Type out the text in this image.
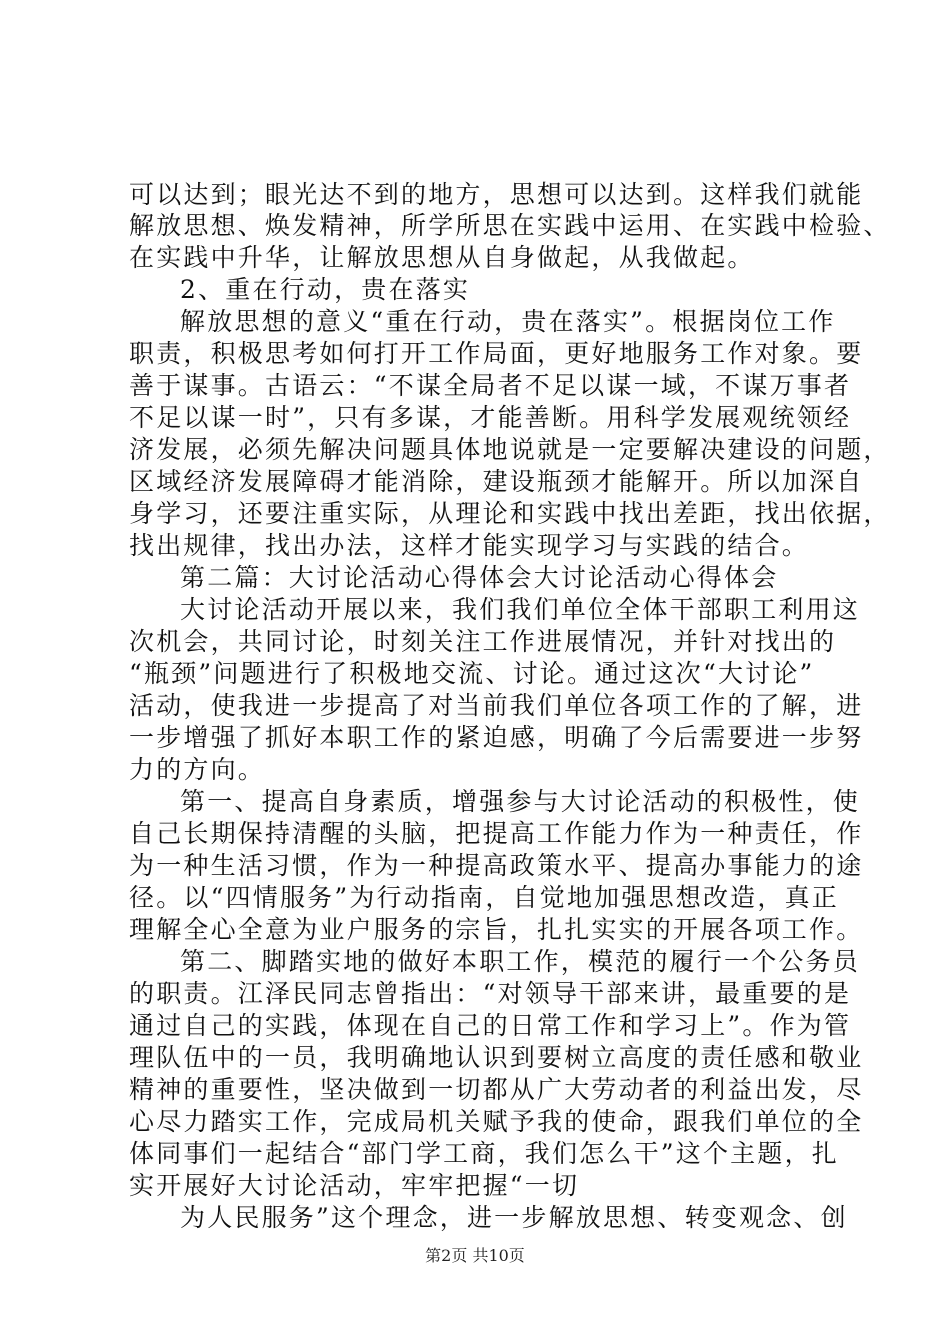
可以达到；眼光达不到的地方，思想可以达到。这样我们就能
解放思想、焕发精神，所学所思在实践中运用、在实践中检验、
在实践中升华，让解放思想从自身做起，从我做起。
2、重在行动，贵在落实
解放思想的意义“重在行动，贵在落实”。根据岗位工作
职责，积极思考如何打开工作局面，更好地服务工作对象。要
善于谋事。古语云：“不谋全局者不足以谋一域，不谋万事者
不足以谋一时”，只有多谋，才能善断。用科学发展观统领经
济发展，必须先解决问题具体地说就是一定要解决建设的问题，
区域经济发展障碍才能消除，建设瓶颈才能解开。所以加深自
身学习，还要注重实际，从理论和实践中找出差距，找出依据，
找出规律，找出办法，这样才能实现学习与实践的结合。
第二篇：大讨论活动心得体会大讨论活动心得体会
大讨论活动开展以来，我们我们单位全体干部职工利用这
次机会，共同讨论，时刻关注工作进展情况，并针对找出的
“瓶颈”问题进行了积极地交流、讨论。通过这次“大讨论”
活动，使我进一步提高了对当前我们单位各项工作的了解，进
一步增强了抓好本职工作的紧迫感，明确了今后需要进一步努
力的方向。
第一、提高自身素质，增强参与大讨论活动的积极性，使
自己长期保持清醒的头脑，把提高工作能力作为一种责任，作
为一种生活习惯，作为一种提高政策水平、提高办事能力的途
径。以“四情服务”为行动指南，自觉地加强思想改造，真正
理解全心全意为业户服务的宗旨，扎扎实实的开展各项工作。
第二、脚踏实地的做好本职工作，模范的履行一个公务员
的职责。江泽民同志曾指出：“对领导干部来讲，最重要的是
通过自己的实践，体现在自己的日常工作和学习上”。作为管
理队伍中的一员，我明确地认识到要树立高度的责任感和敬业
精神的重要性，坚决做到一切都从广大劳动者的利益出发，尽
心尽力踏实工作，完成局机关赋予我的使命，跟我们单位的全
体同事们一起结合“部门学工商，我们怎么干”这个主题，扎
实开展好大讨论活动，牢牢把握“一切
为人民服务”这个理念，进一步解放思想、转变观念、创
第2页 共10页
